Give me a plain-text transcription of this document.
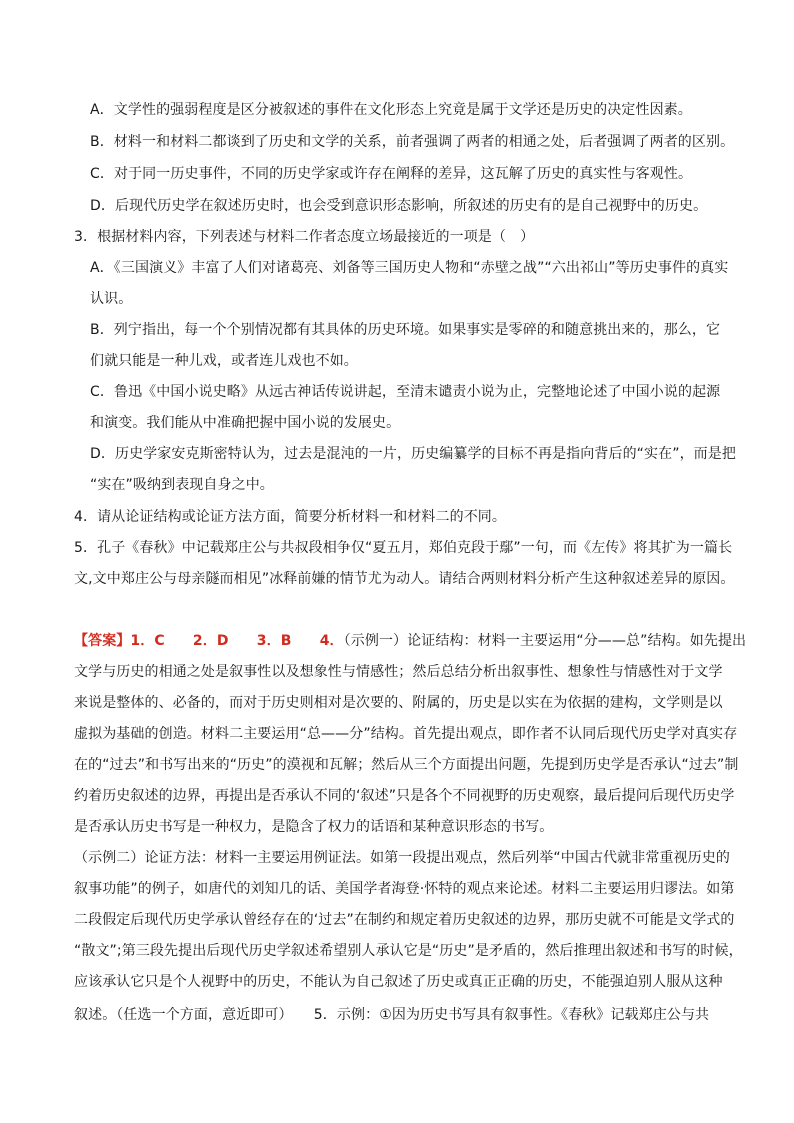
A．文学性的强弱程度是区分被叙述的事件在文化形态上究竟是属于文学还是历史的决定性因素。
B．材料一和材料二都谈到了历史和文学的关系，前者强调了两者的相通之处，后者强调了两者的区别。
C．对于同一历史事件，不同的历史学家或许存在阐释的差异，这瓦解了历史的真实性与客观性。
D．后现代历史学在叙述历史时，也会受到意识形态影响，所叙述的历史有的是自己视野中的历史。
3．根据材料内容，下列表述与材料二作者态度立场最接近的一项是（　）
A．《三国演义》丰富了人们对诸葛亮、刘备等三国历史人物和“赤壁之战”“六出祁山”等历史事件的真实
认识。
B．列宁指出，每一个个别情况都有其具体的历史环境。如果事实是零碎的和随意挑出来的，那么，它
们就只能是一种儿戏，或者连儿戏也不如。
C．鲁迅《中国小说史略》从远古神话传说讲起，至清末谴责小说为止，完整地论述了中国小说的起源
和演变。我们能从中准确把握中国小说的发展史。
D．历史学家安克斯密特认为，过去是混沌的一片，历史编纂学的目标不再是指向背后的“实在”，而是把
“实在”吸纳到表现自身之中。
4．请从论证结构或论证方法方面，简要分析材料一和材料二的不同。
5．孔子《春秋》中记载郑庄公与共叔段相争仅“夏五月，郑伯克段于鄢”一句，而《左传》将其扩为一篇长
文,文中郑庄公与母亲隧而相见”冰释前嫌的情节尤为动人。请结合两则材料分析产生这种叙述差异的原因。
【答案】1．C　　2．D　　3．B　　4．（示例一）论证结构：材料一主要运用“分——总”结构。如先提出
文学与历史的相通之处是叙事性以及想象性与情感性；然后总结分析出叙事性、想象性与情感性对于文学
来说是整体的、必备的，而对于历史则相对是次要的、附属的，历史是以实在为依据的建构，文学则是以
虚拟为基础的创造。材料二主要运用“总——分”结构。首先提出观点，即作者不认同后现代历史学对真实存
在的“过去”和书写出来的“历史”的漠视和瓦解；然后从三个方面提出问题，先提到历史学是否承认“过去”制
约着历史叙述的边界，再提出是否承认不同的‘叙述”只是各个不同视野的历史观察，最后提问后现代历史学
是否承认历史书写是一种权力，是隐含了权力的话语和某种意识形态的书写。
（示例二）论证方法：材料一主要运用例证法。如第一段提出观点，然后列举“中国古代就非常重视历史的
叙事功能”的例子，如唐代的刘知几的话、美国学者海登·怀特的观点来论述。材料二主要运用归谬法。如第
二段假定后现代历史学承认曾经存在的‘过去”在制约和规定着历史叙述的边界，那历史就不可能是文学式的
“散文”;第三段先提出后现代历史学叙述希望别人承认它是“历史”是矛盾的，然后推理出叙述和书写的时候，
应该承认它只是个人视野中的历史，不能认为自己叙述了历史或真正正确的历史，不能强迫别人服从这种
叙述。（任选一个方面，意近即可）　　5．示例：①因为历史书写具有叙事性。《春秋》记载郑庄公与共
